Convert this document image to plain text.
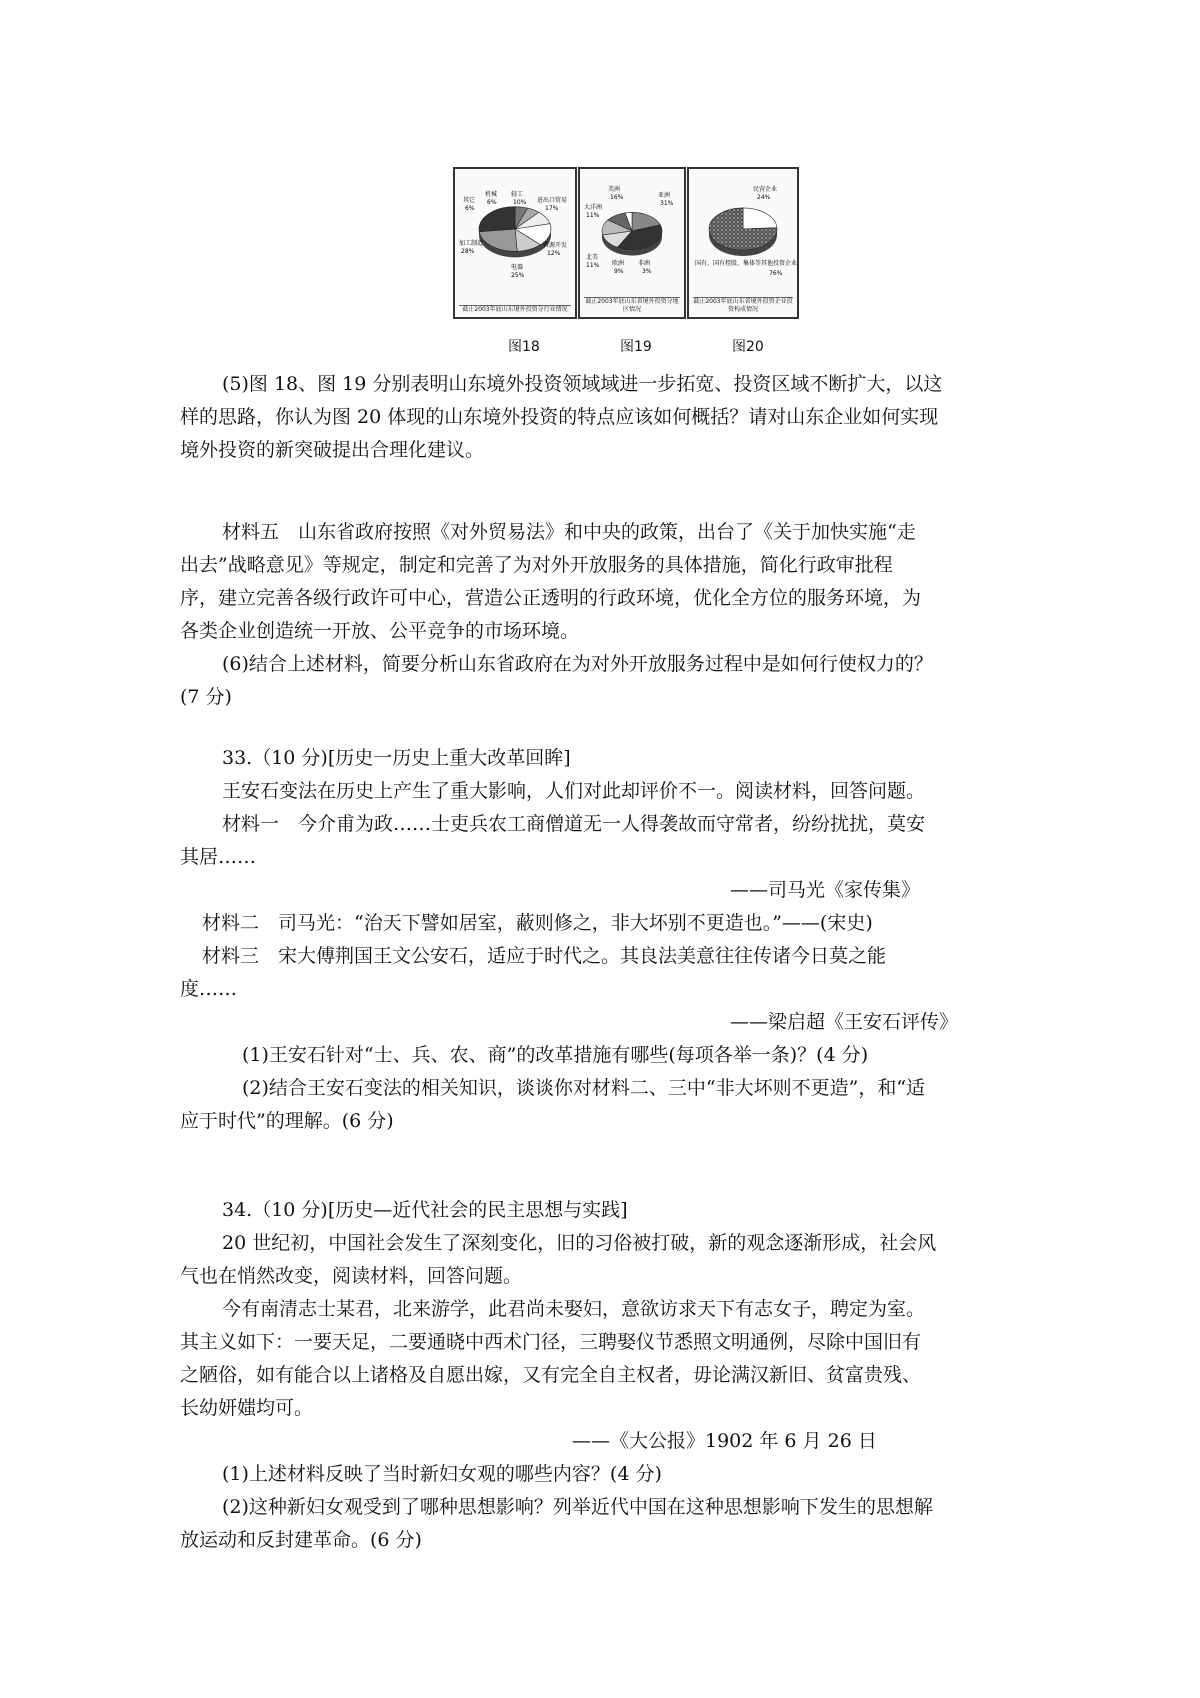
其它
6%
机械
6%
轻工
10% 进出口贸易
17%
资源开发
12%
电器
25%
加工制造
28%
截止2003年底山东境外投资分行业情况
美洲
16%	亚洲
31%
大洋洲
11%
北美
11% 欧洲
9%
非洲
3%
截止2003年底山东省境外投资分地区情况
民营企业
24%
国有、国有控股、集体等其他投资企业
76%
截止2003年底山东省境外投资企业投资构成情况
图18	图19	图20
(5)图 18、图 19 分别表明山东境外投资领域域进一步拓宽、投资区域不断扩大，以这
样的思路，你认为图 20 体现的山东境外投资的特点应该如何概括？请对山东企业如何实现
境外投资的新突破提出合理化建议。
材料五　山东省政府按照《对外贸易法》和中央的政策，出台了《关于加快实施“走
出去”战略意见》等规定，制定和完善了为对外开放服务的具体措施，简化行政审批程
序，建立完善各级行政许可中心，营造公正透明的行政环境，优化全方位的服务环境，为
各类企业创造统一开放、公平竞争的市场环境。
(6)结合上述材料，简要分析山东省政府在为对外开放服务过程中是如何行使权力的？
(7 分)
33.（10 分)[历史一历史上重大改革回眸]
王安石变法在历史上产生了重大影响，人们对此却评价不一。阅读材料，回答问题。
材料一　今介甫为政……士吏兵农工商僧道无一人得袭故而守常者，纷纷扰扰，莫安
其居……
——司马光《家传集》
材料二　司马光：“治天下譬如居室，蔽则修之，非大坏别不更造也。”——(宋史)
材料三　宋大傅荆国王文公安石，适应于时代之。其良法美意往往传诸今日莫之能
度……
——梁启超《王安石评传》
(1)王安石针对“士、兵、农、商”的改革措施有哪些(每项各举一条)？(4 分)
(2)结合王安石变法的相关知识，谈谈你对材料二、三中“非大坏则不更造”，和“适
应于时代”的理解。(6 分)
34.（10 分)[历史—近代社会的民主思想与实践]
20 世纪初，中国社会发生了深刻变化，旧的习俗被打破，新的观念逐渐形成，社会风
气也在悄然改变，阅读材料，回答问题。
今有南清志士某君，北来游学，此君尚未娶妇，意欲访求天下有志女子，聘定为室。
其主义如下：一要天足，二要通晓中西术门径，三聘娶仪节悉照文明通例，尽除中国旧有
之陋俗，如有能合以上诸格及自愿出嫁，又有完全自主权者，毋论满汉新旧、贫富贵残、
长幼妍媸均可。
——《大公报》1902 年 6 月 26 日
(1)上述材料反映了当时新妇女观的哪些内容？(4 分)
(2)这种新妇女观受到了哪种思想影响？列举近代中国在这种思想影响下发生的思想解
放运动和反封建革命。(6 分)
